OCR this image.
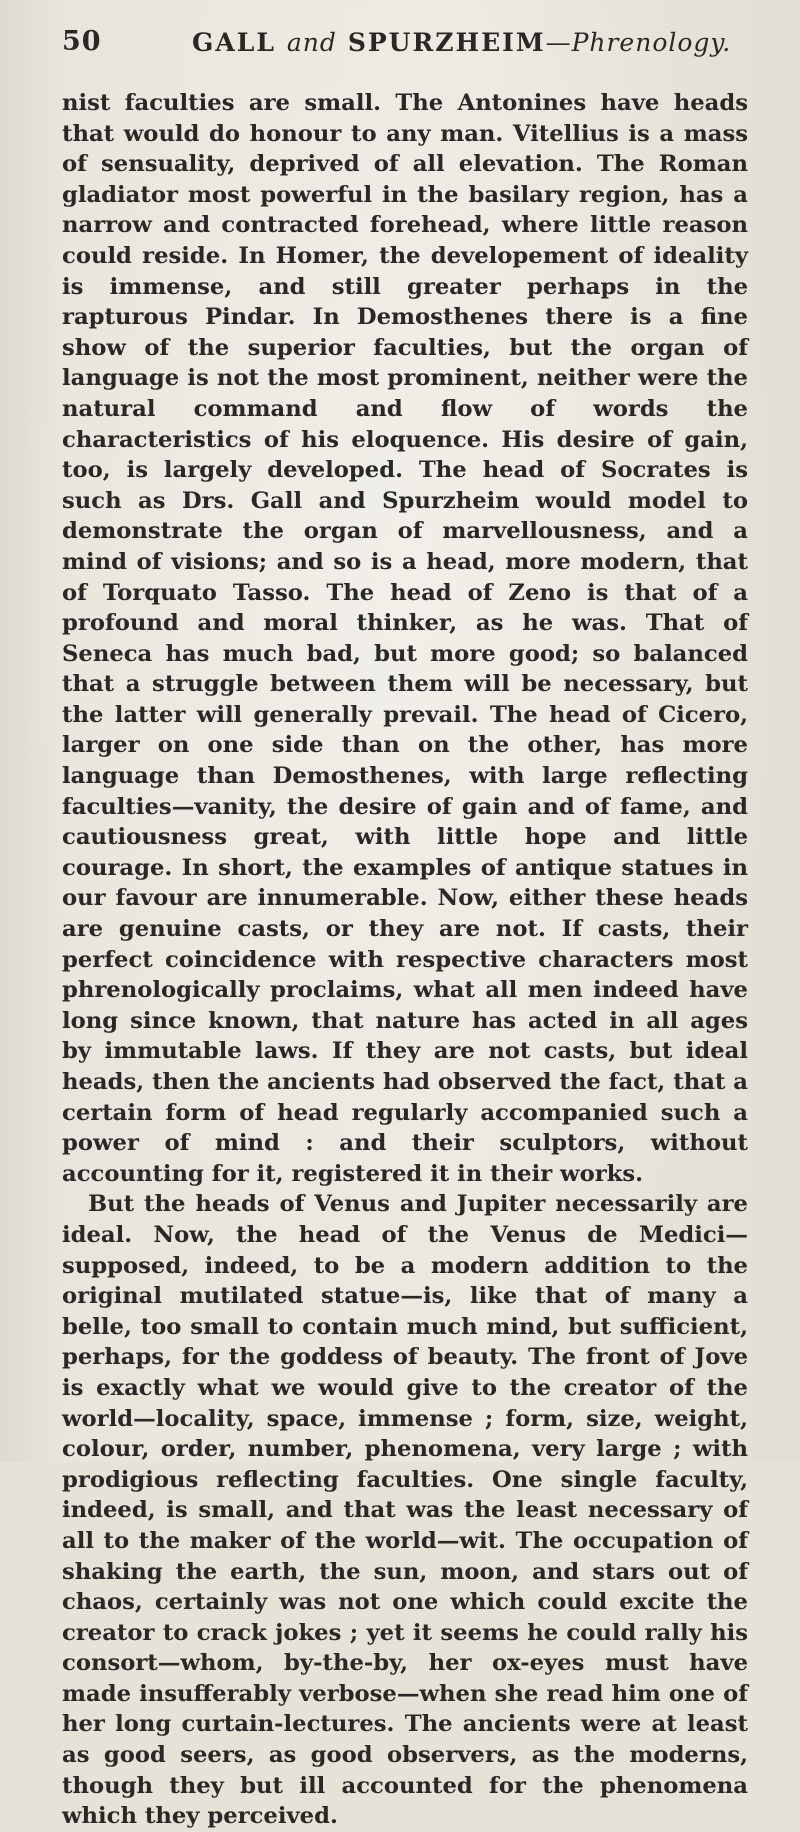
50	GALL and SPURZHEIM—Phrenology.

nist faculties are small. The Antonines have heads that would do honour to any man. Vitellius is a mass of sensuality, deprived of all elevation. The Roman gladiator most powerful in the basilary region, has a narrow and contracted forehead, where little reason could reside. In Homer, the developement of ideality is immense, and still greater perhaps in the rapturous Pindar. In Demosthenes there is a fine show of the superior faculties, but the organ of language is not the most prominent, neither were the natural command and flow of words the characteristics of his eloquence. His desire of gain, too, is largely developed. The head of Socrates is such as Drs. Gall and Spurzheim would model to demonstrate the organ of marvellousness, and a mind of visions; and so is a head, more modern, that of Torquato Tasso. The head of Zeno is that of a profound and moral thinker, as he was. That of Seneca has much bad, but more good; so balanced that a struggle between them will be necessary, but the latter will generally prevail. The head of Cicero, larger on one side than on the other, has more language than Demosthenes, with large reflecting faculties—vanity, the desire of gain and of fame, and cautiousness great, with little hope and little courage. In short, the examples of antique statues in our favour are innumerable. Now, either these heads are genuine casts, or they are not. If casts, their perfect coincidence with respective characters most phrenologically proclaims, what all men indeed have long since known, that nature has acted in all ages by immutable laws. If they are not casts, but ideal heads, then the ancients had observed the fact, that a certain form of head regularly accompanied such a power of mind : and their sculptors, without accounting for it, registered it in their works.

But the heads of Venus and Jupiter necessarily are ideal. Now, the head of the Venus de Medici—supposed, indeed, to be a modern addition to the original mutilated statue—is, like that of many a belle, too small to contain much mind, but sufficient, perhaps, for the goddess of beauty. The front of Jove is exactly what we would give to the creator of the world—locality, space, immense ; form, size, weight, colour, order, number, phenomena, very large ; with prodigious reflecting faculties. One single faculty, indeed, is small, and that was the least necessary of all to the maker of the world—wit. The occupation of shaking the earth, the sun, moon, and stars out of chaos, certainly was not one which could excite the creator to crack jokes ; yet it seems he could rally his consort—whom, by-the-by, her ox-eyes must have made insufferably verbose—when she read him one of her long curtain-lectures. The ancients were at least as good seers, as good observers, as the moderns, though they but ill accounted for the phenomena which they perceived.
